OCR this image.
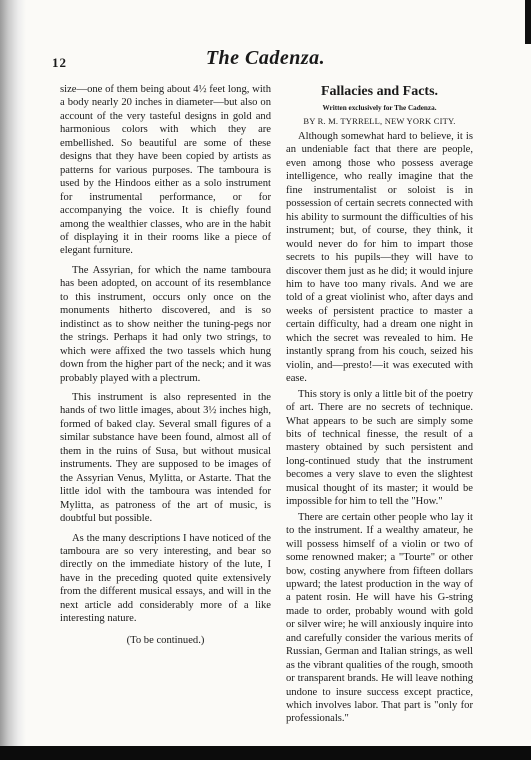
12	The Cadenza.

size—one of them being about 4½ feet long, with a body nearly 20 inches in diameter—but also on account of the very tasteful designs in gold and harmonious colors with which they are embellished. So beautiful are some of these designs that they have been copied by artists as patterns for various purposes. The tamboura is used by the Hindoos either as a solo instrument for instrumental performance, or for accompanying the voice. It is chiefly found among the wealthier classes, who are in the habit of displaying it in their rooms like a piece of elegant furniture.

The Assyrian, for which the name tamboura has been adopted, on account of its resemblance to this instrument, occurs only once on the monuments hitherto discovered, and is so indistinct as to show neither the tuning-pegs nor the strings. Perhaps it had only two strings, to which were affixed the two tassels which hung down from the higher part of the neck; and it was probably played with a plectrum.

This instrument is also represented in the hands of two little images, about 3½ inches high, formed of baked clay. Several small figures of a similar substance have been found, almost all of them in the ruins of Susa, but without musical instruments. They are supposed to be images of the Assyrian Venus, Mylitta, or Astarte. That the little idol with the tamboura was intended for Mylitta, as patroness of the art of music, is doubtful but possible.

As the many descriptions I have noticed of the tamboura are so very interesting, and bear so directly on the immediate history of the lute, I have in the preceding quoted quite extensively from the different musical essays, and will in the next article add considerably more of a like interesting nature.

(To be continued.)

Fallacies and Facts.
Written exclusively for The Cadenza.
BY R. M. TYRRELL, NEW YORK CITY.

Although somewhat hard to believe, it is an undeniable fact that there are people, even among those who possess average intelligence, who really imagine that the fine instrumentalist or soloist is in possession of certain secrets connected with his ability to surmount the difficulties of his instrument; but, of course, they think, it would never do for him to impart those secrets to his pupils—they will have to discover them just as he did; it would injure him to have too many rivals. And we are told of a great violinist who, after days and weeks of persistent practice to master a certain difficulty, had a dream one night in which the secret was revealed to him. He instantly sprang from his couch, seized his violin, and—presto!—it was executed with ease.

This story is only a little bit of the poetry of art. There are no secrets of technique. What appears to be such are simply some bits of technical finesse, the result of a mastery obtained by such persistent and long-continued study that the instrument becomes a very slave to even the slightest musical thought of its master; it would be impossible for him to tell the "How."

There are certain other people who lay it to the instrument. If a wealthy amateur, he will possess himself of a violin or two of some renowned maker; a "Tourte" or other bow, costing anywhere from fifteen dollars upward; the latest production in the way of a patent rosin. He will have his G-string made to order, probably wound with gold or silver wire; he will anxiously inquire into and carefully consider the various merits of Russian, German and Italian strings, as well as the vibrant qualities of the rough, smooth or transparent brands. He will leave nothing undone to insure success except practice, which involves labor. That part is "only for professionals."
